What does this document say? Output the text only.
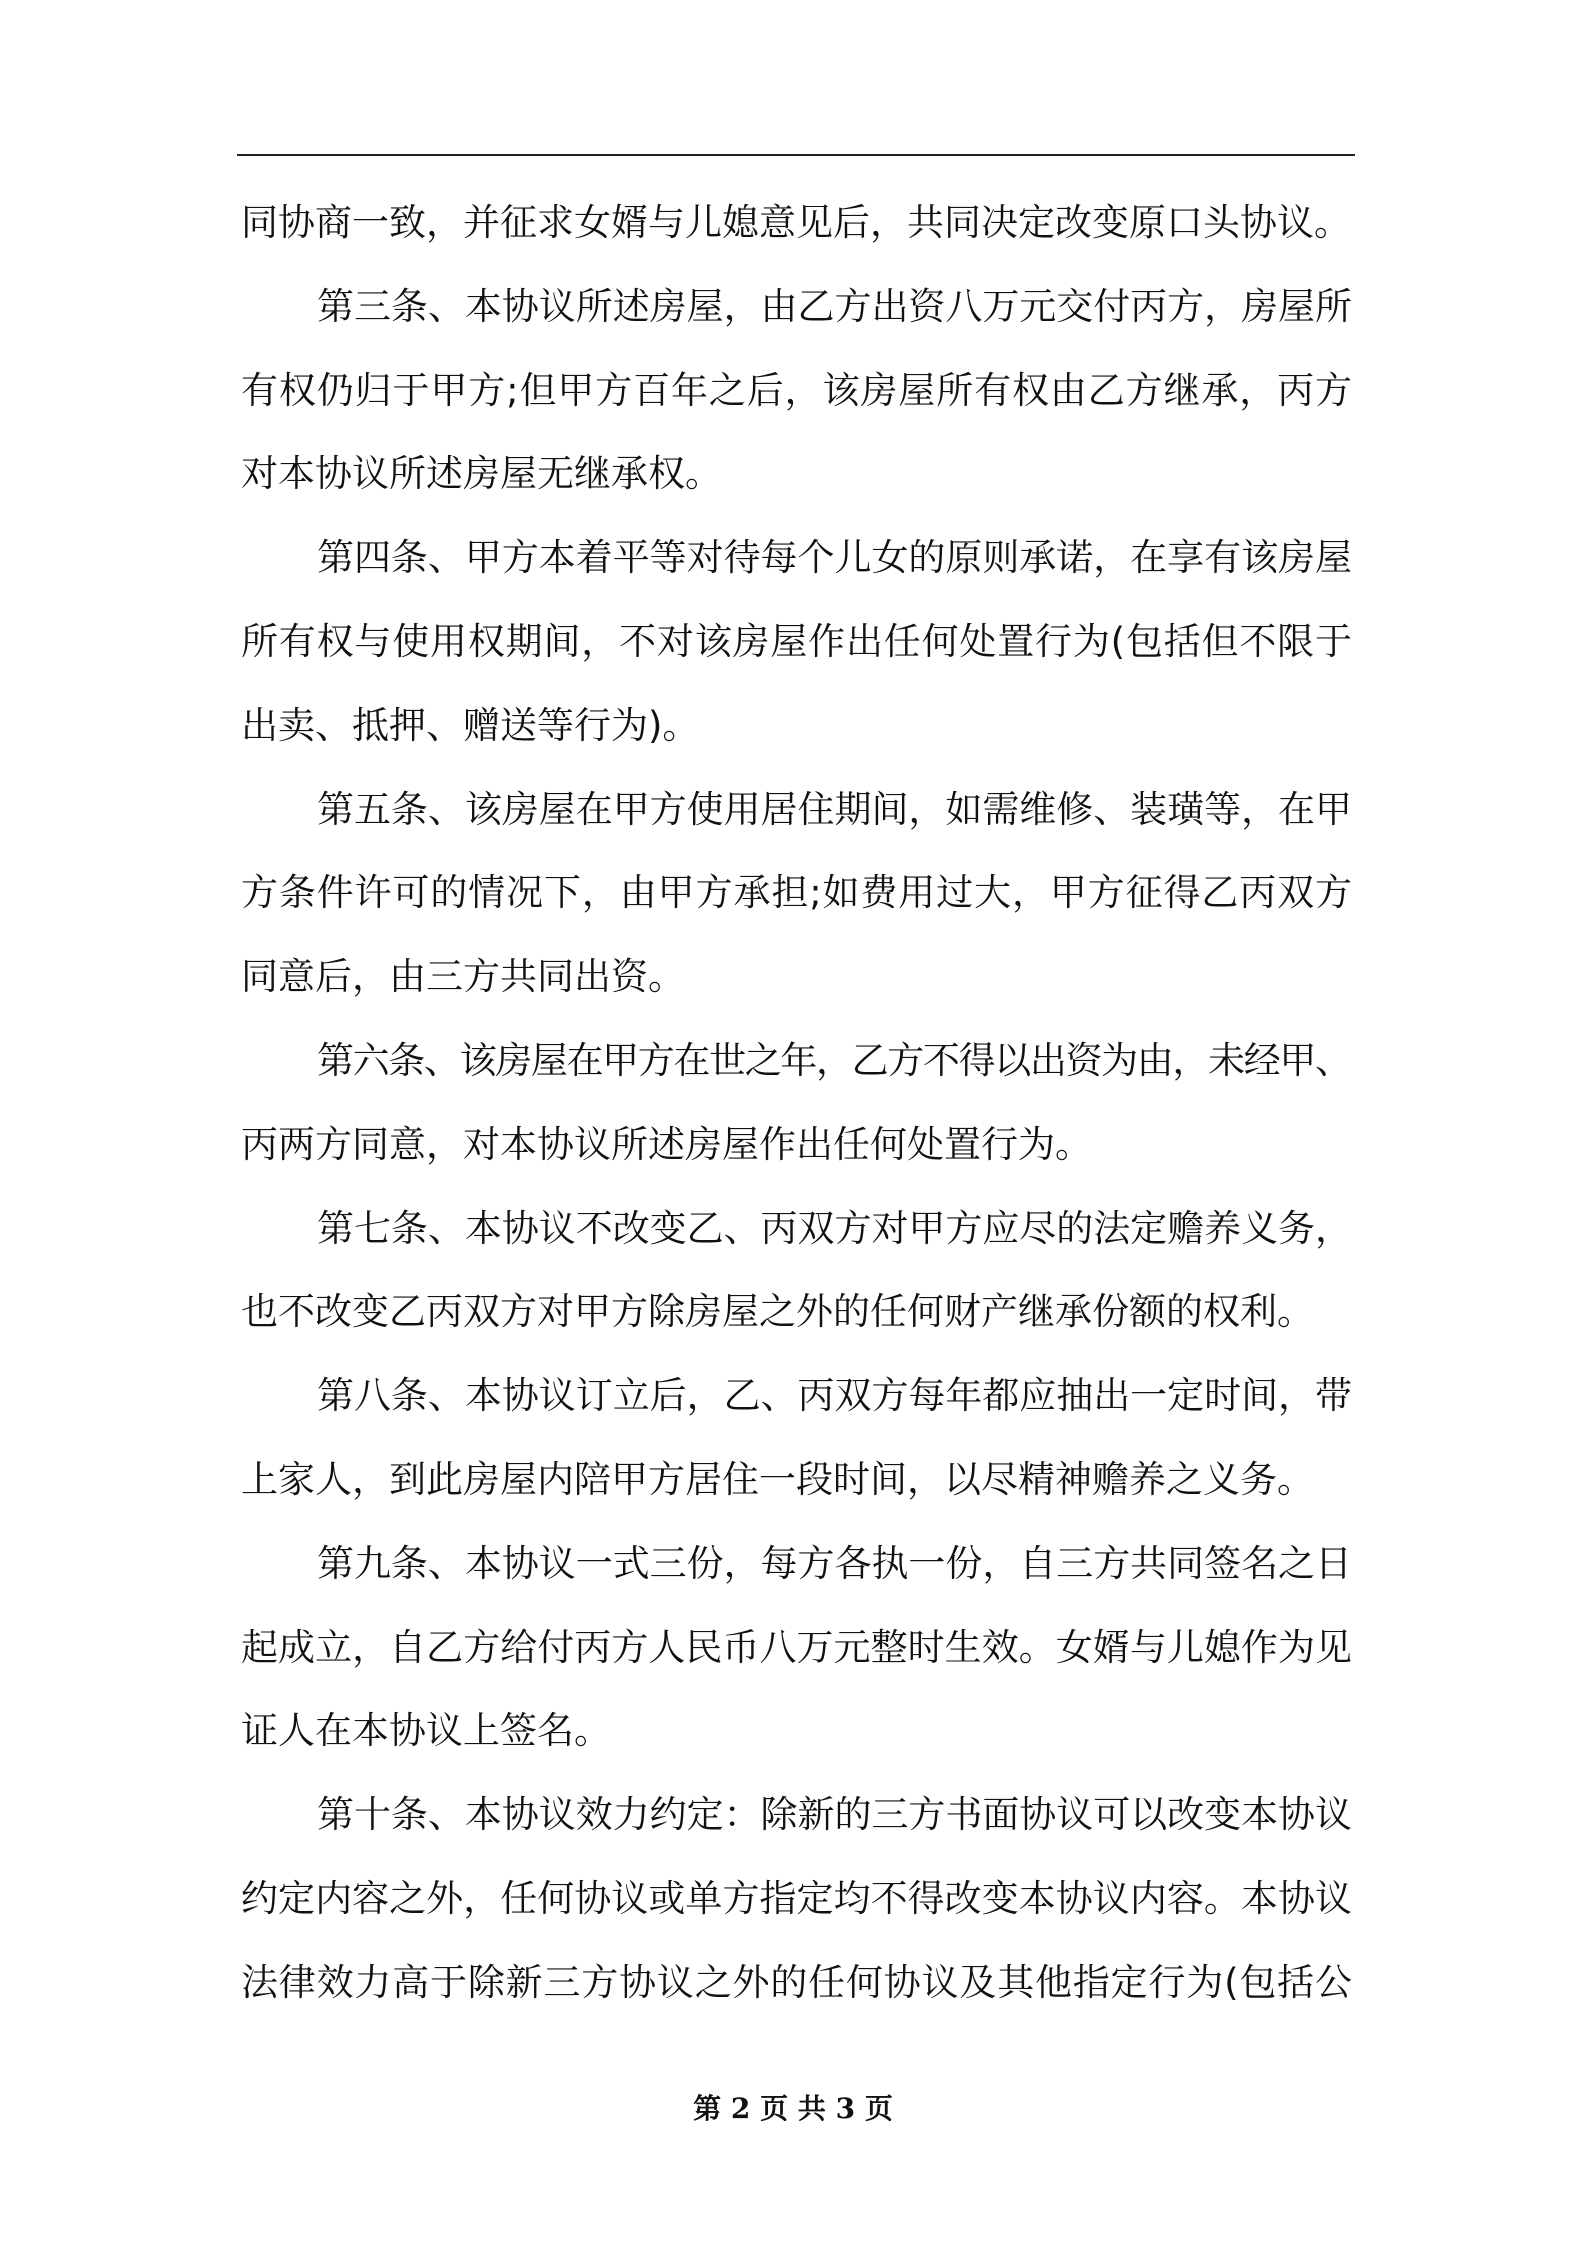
同协商一致，并征求女婿与儿媳意见后，共同决定改变原口头协议。
第三条、本协议所述房屋，由乙方出资八万元交付丙方，房屋所
有权仍归于甲方;但甲方百年之后，该房屋所有权由乙方继承，丙方
对本协议所述房屋无继承权。
第四条、甲方本着平等对待每个儿女的原则承诺，在享有该房屋
所有权与使用权期间，不对该房屋作出任何处置行为(包括但不限于
出卖、抵押、赠送等行为)。
第五条、该房屋在甲方使用居住期间，如需维修、装璜等，在甲
方条件许可的情况下，由甲方承担;如费用过大，甲方征得乙丙双方
同意后，由三方共同出资。
第六条、该房屋在甲方在世之年，乙方不得以出资为由，未经甲、
丙两方同意，对本协议所述房屋作出任何处置行为。
第七条、本协议不改变乙、丙双方对甲方应尽的法定赡养义务，
也不改变乙丙双方对甲方除房屋之外的任何财产继承份额的权利。
第八条、本协议订立后，乙、丙双方每年都应抽出一定时间，带
上家人，到此房屋内陪甲方居住一段时间，以尽精神赡养之义务。
第九条、本协议一式三份，每方各执一份，自三方共同签名之日
起成立，自乙方给付丙方人民币八万元整时生效。女婿与儿媳作为见
证人在本协议上签名。
第十条、本协议效力约定：除新的三方书面协议可以改变本协议
约定内容之外，任何协议或单方指定均不得改变本协议内容。本协议
法律效力高于除新三方协议之外的任何协议及其他指定行为(包括公
第 2 页 共 3 页
